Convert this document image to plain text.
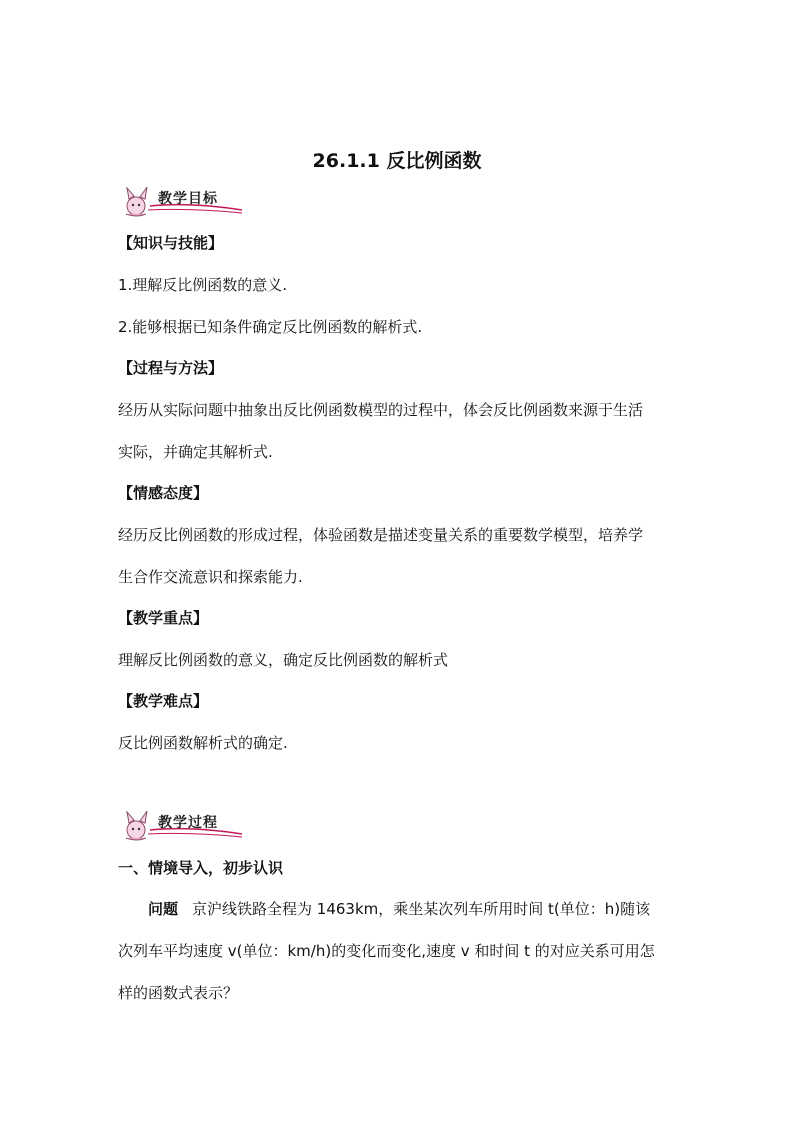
26.1.1 反比例函数
教学目标
【知识与技能】
1.理解反比例函数的意义.
2.能够根据已知条件确定反比例函数的解析式.
【过程与方法】
经历从实际问题中抽象出反比例函数模型的过程中，体会反比例函数来源于生活
实际，并确定其解析式.
【情感态度】
经历反比例函数的形成过程，体验函数是描述变量关系的重要数学模型，培养学
生合作交流意识和探索能力.
【教学重点】
理解反比例函数的意义，确定反比例函数的解析式
【教学难点】
反比例函数解析式的确定.
教学过程
一、情境导入，初步认识
问题 京沪线铁路全程为 1463km，乘坐某次列车所用时间 t(单位：h)随该
次列车平均速度 v(单位：km/h)的变化而变化,速度 v 和时间 t 的对应关系可用怎
样的函数式表示？
